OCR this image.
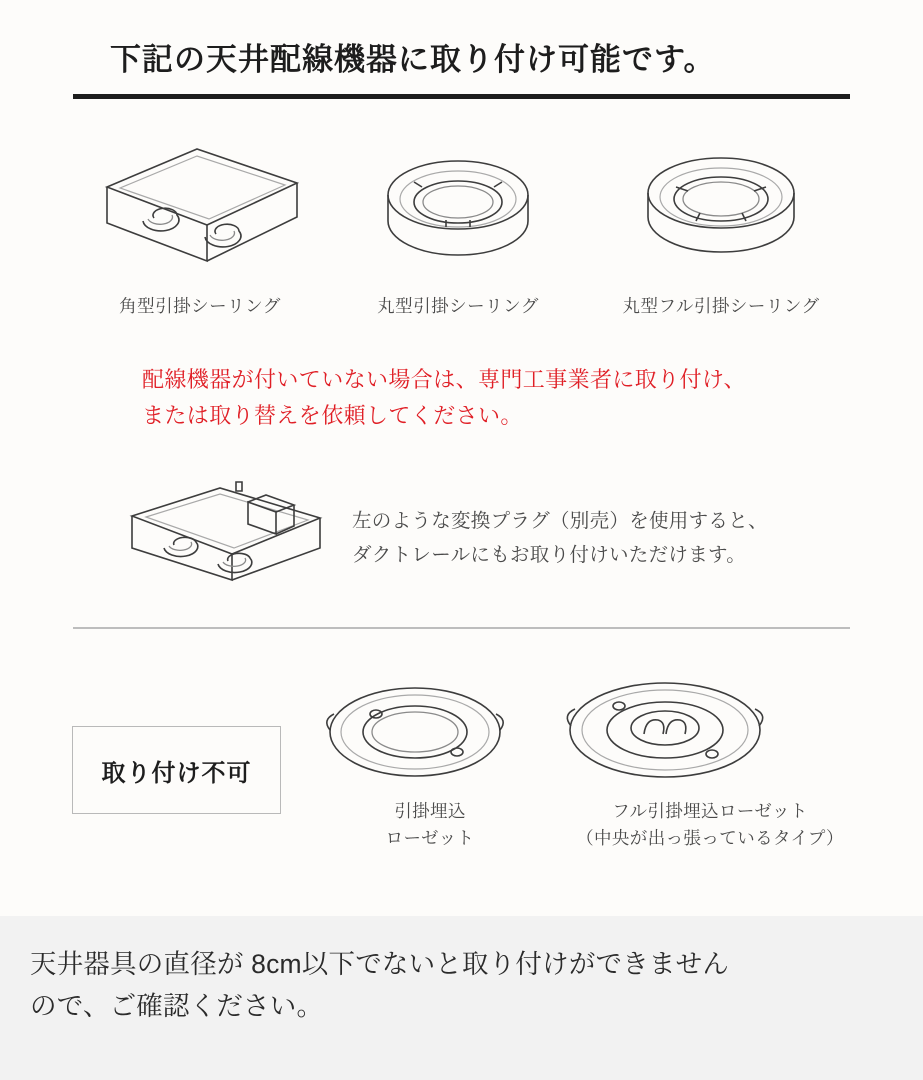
下記の天井配線機器に取り付け可能です。
角型引掛シーリング	丸型引掛シーリング	丸型フル引掛シーリング
配線機器が付いていない場合は、専門工事業者に取り付け、
または取り替えを依頼してください。
左のような変換プラグ（別売）を使用すると、
ダクトレールにもお取り付けいただけます。
取り付け不可
引掛埋込
ローゼット
フル引掛埋込ローゼット
（中央が出っ張っているタイプ）
天井器具の直径が 8cm以下でないと取り付けができません
ので、ご確認ください。
